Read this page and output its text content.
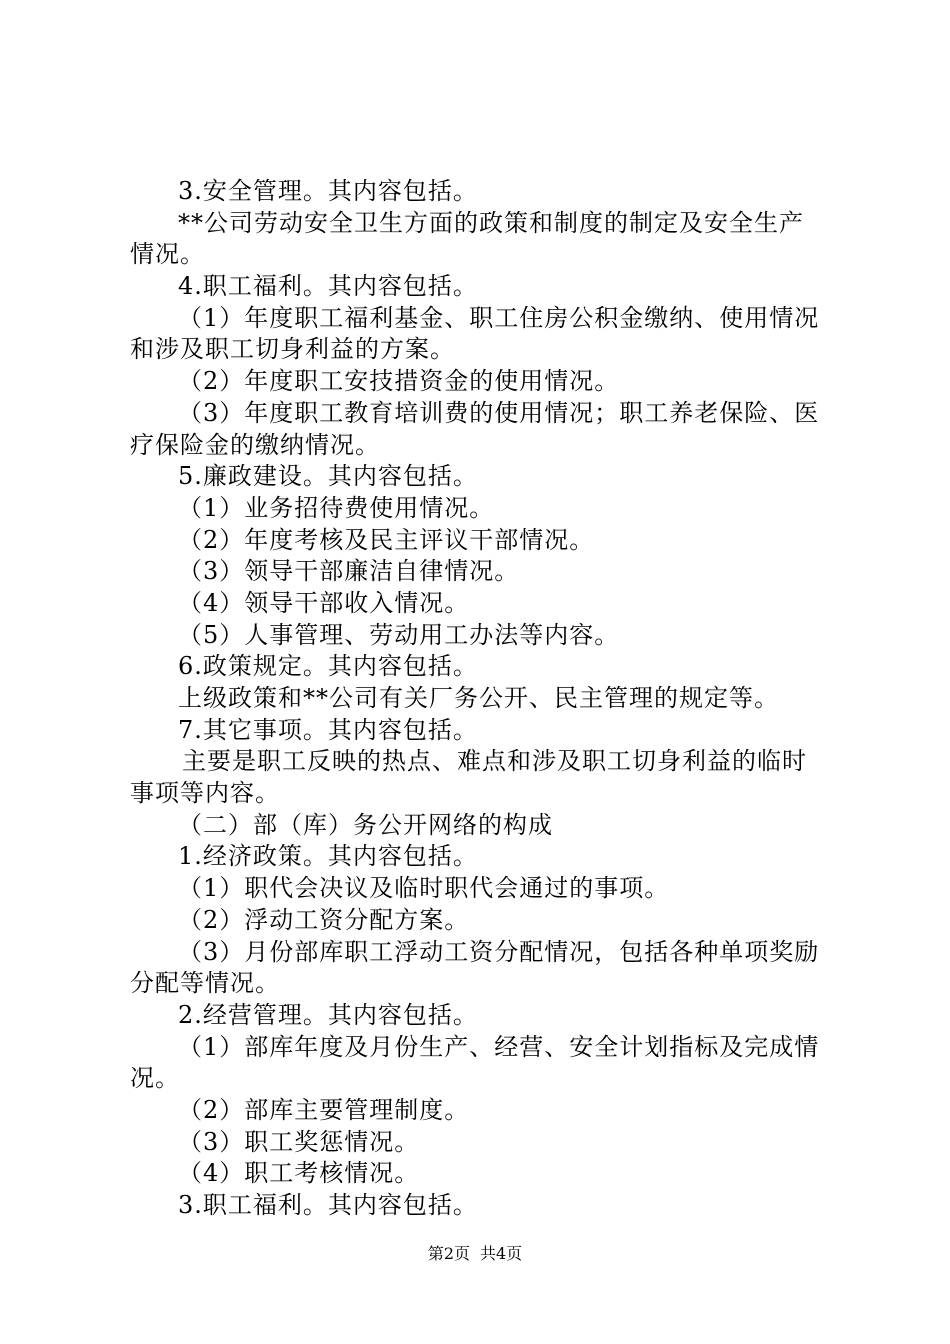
3.安全管理。其内容包括。
**公司劳动安全卫生方面的政策和制度的制定及安全生产
情况。
4.职工福利。其内容包括。
（1）年度职工福利基金、职工住房公积金缴纳、使用情况
和涉及职工切身利益的方案。
（2）年度职工安技措资金的使用情况。
（3）年度职工教育培训费的使用情况；职工养老保险、医
疗保险金的缴纳情况。
5.廉政建设。其内容包括。
（1）业务招待费使用情况。
（2）年度考核及民主评议干部情况。
（3）领导干部廉洁自律情况。
（4）领导干部收入情况。
（5）人事管理、劳动用工办法等内容。
6.政策规定。其内容包括。
上级政策和**公司有关厂务公开、民主管理的规定等。
7.其它事项。其内容包括。
主要是职工反映的热点、难点和涉及职工切身利益的临时
事项等内容。
（二）部（库）务公开网络的构成
1.经济政策。其内容包括。
（1）职代会决议及临时职代会通过的事项。
（2）浮动工资分配方案。
（3）月份部库职工浮动工资分配情况，包括各种单项奖励
分配等情况。
2.经营管理。其内容包括。
（1）部库年度及月份生产、经营、安全计划指标及完成情
况。
（2）部库主要管理制度。
（3）职工奖惩情况。
（4）职工考核情况。
3.职工福利。其内容包括。
第2页 共4页
